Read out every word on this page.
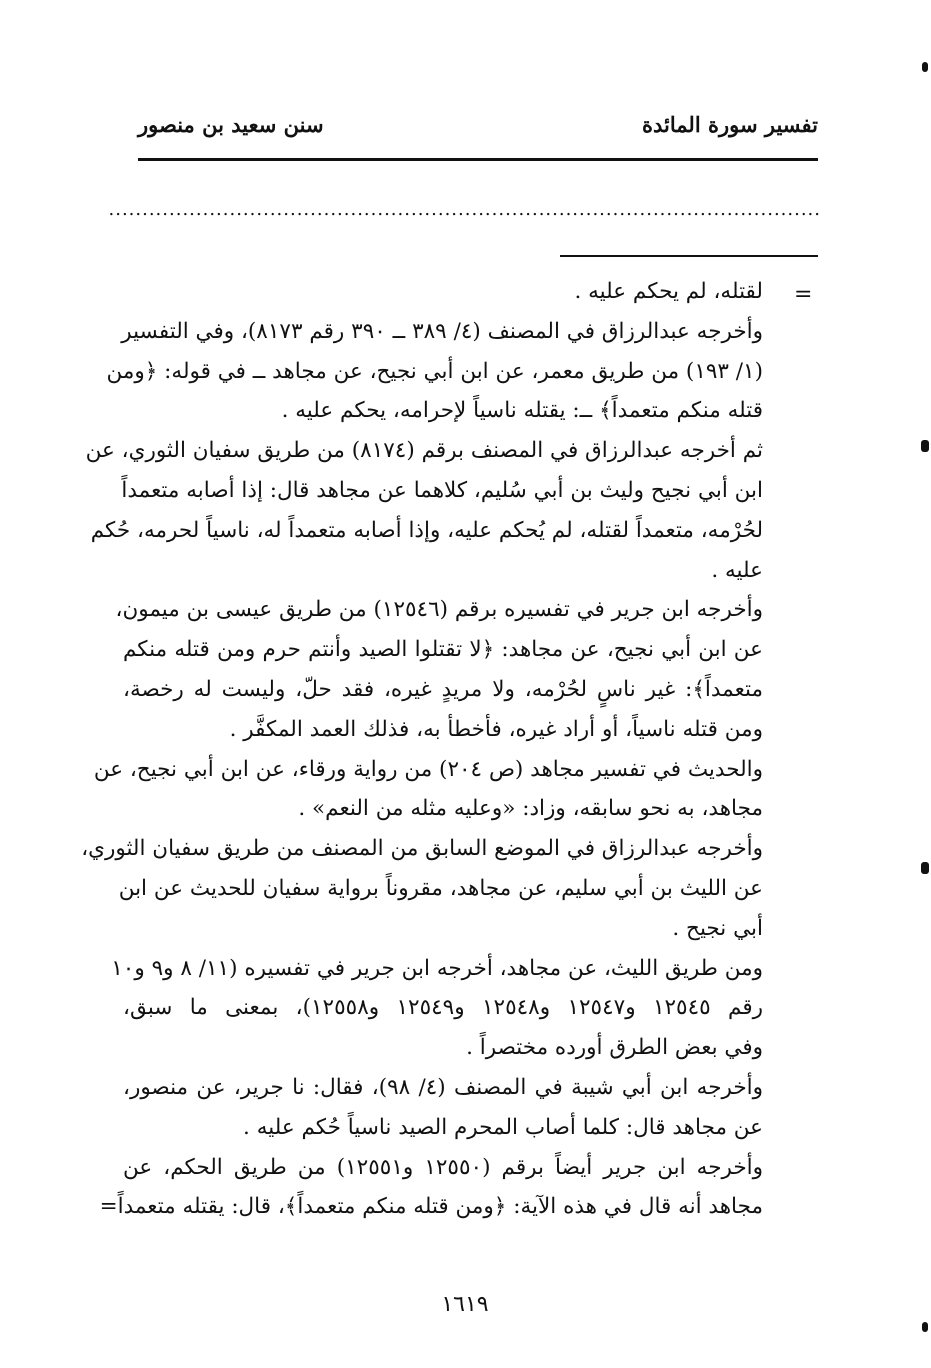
تفسير سورة المائدة
سنن سعيد بن منصور
..........................................................................................................
=
لقتله، لم يحكم عليه .
وأخرجه عبدالرزاق في المصنف (٤/ ٣٨٩ ــ ٣٩٠ رقم ٨١٧٣)، وفي التفسير
(١/ ١٩٣) من طريق معمر، عن ابن أبي نجيح، عن مجاهد ــ في قوله: ﴿ومن
قتله منكم متعمداً﴾ ــ: يقتله ناسياً لإحرامه، يحكم عليه .
ثم أخرجه عبدالرزاق في المصنف برقم (٨١٧٤) من طريق سفيان الثوري، عن
ابن أبي نجيح وليث بن أبي سُليم، كلاهما عن مجاهد قال: إذا أصابه متعمداً
لحُرْمه، متعمداً لقتله، لم يُحكم عليه، وإذا أصابه متعمداً له، ناسياً لحرمه، حُكم
عليه .
وأخرجه ابن جرير في تفسيره برقم (١٢٥٤٦) من طريق عيسى بن ميمون،
عن ابن أبي نجيح، عن مجاهد: ﴿لا تقتلوا الصيد وأنتم حرم ومن قتله منكم
متعمداً﴾: غير ناسٍ لحُرْمه، ولا مريدٍ غيره، فقد حلّ، وليست له رخصة،
ومن قتله ناسياً، أو أراد غيره، فأخطأ به، فذلك العمد المكفَّر .
والحديث في تفسير مجاهد (ص ٢٠٤) من رواية ورقاء، عن ابن أبي نجيح، عن
مجاهد، به نحو سابقه، وزاد: «وعليه مثله من النعم» .
وأخرجه عبدالرزاق في الموضع السابق من المصنف من طريق سفيان الثوري،
عن الليث بن أبي سليم، عن مجاهد، مقروناً برواية سفيان للحديث عن ابن
أبي نجيح .
ومن طريق الليث، عن مجاهد، أخرجه ابن جرير في تفسيره (١١/ ٨ و٩ و١٠
رقم ١٢٥٤٥ و١٢٥٤٧ و١٢٥٤٨ و١٢٥٤٩ و١٢٥٥٨)، بمعنى ما سبق،
وفي بعض الطرق أورده مختصراً .
وأخرجه ابن أبي شيبة في المصنف (٤/ ٩٨)، فقال: نا جرير، عن منصور،
عن مجاهد قال: كلما أصاب المحرم الصيد ناسياً حُكم عليه .
وأخرجه ابن جرير أيضاً برقم (١٢٥٥٠ و١٢٥٥١) من طريق الحكم، عن
مجاهد أنه قال في هذه الآية: ﴿ومن قتله منكم متعمداً﴾، قال: يقتله متعمداً=
١٦١٩
